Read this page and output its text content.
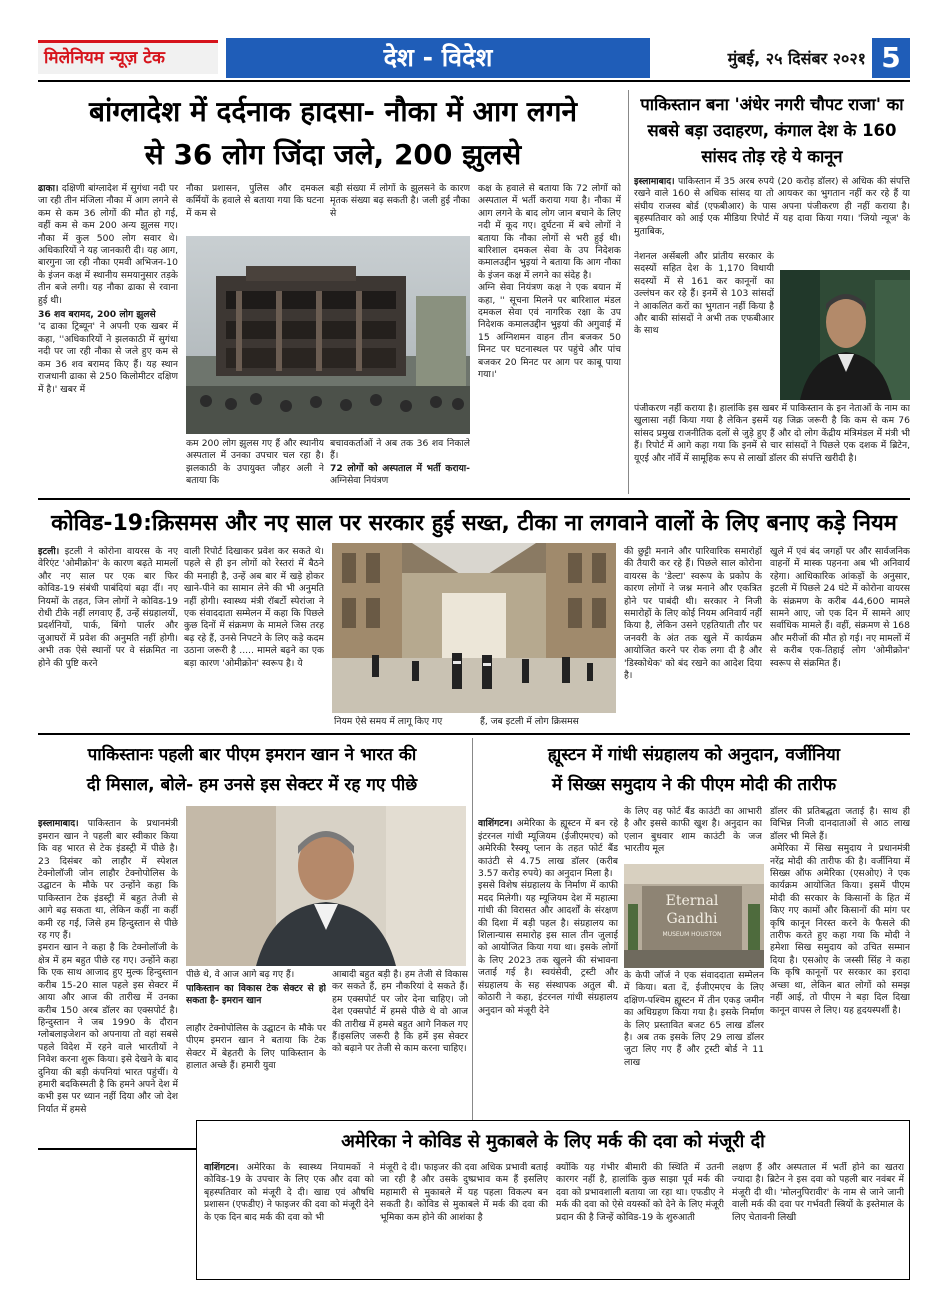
मिलेनियम न्यूज़ टेक	देश - विदेश	मुंबई, २५ दिसंबर २०२१ 5
बांग्लादेश में दर्दनाक हादसा- नौका में आग लगने
से 36 लोग जिंदा जले, 200 झुलसे
ढाका। दक्षिणी बांग्लादेश में सुगंधा नदी पर जा रही तीन मंजिला नौका में आग लगने से कम से कम 36 लोगों की मौत हो गई, वहीं कम से कम 200 अन्य झुलस गए। नौका में कुल 500 लोग सवार थे। अधिकारियों ने यह जानकारी दी। यह आग, बारगुना जा रही नौका एमवी अभिजन-10 के इंजन कक्ष में स्थानीय समयानुसार तड़के तीन बजे लगी। यह नौका ढाका से रवाना हुई थी।
36 शव बरामद, 200 लोग झुलसे
'द ढाका ट्रिब्यून' ने अपनी एक खबर में कहा, ''अधिकारियों ने झलकाठी में सुगंधा नदी पर जा रही नौका से जले हुए कम से कम 36 शव बरामद किए हैं। यह स्थान राजधानी ढाका से 250 किलोमीटर दक्षिण में है।' खबर में
नौका प्रशासन, पुलिस और दमकल कर्मियों के हवाले से बताया गया कि घटना में कम से
बड़ी संख्या में लोगों के झुलसने के कारण मृतक संख्या बढ़ सकती है। जली हुई नौका से
कम 200 लोग झुलस गए हैं और स्थानीय अस्पताल में उनका उपचार चल रहा है। झलकाठी के उपायुक्त जौहर अली ने बताया कि
बचावकर्ताओं ने अब तक 36 शव निकाले हैं।
72 लोगों को अस्पताल में भर्ती कराया-अग्निसेवा नियंत्रण
कक्ष के हवाले से बताया कि 72 लोगों को अस्पताल में भर्ती कराया गया है। नौका में आग लगने के बाद लोग जान बचाने के लिए नदी में कूद गए। दुर्घटना में बचे लोगों ने बताया कि नौका लोगों से भरी हुई थी। बारिशाल दमकल सेवा के उप निदेशक कमालउद्दीन भुइयां ने बताया कि आग नौका के इंजन कक्ष में लगने का संदेह है।
अग्नि सेवा नियंत्रण कक्ष ने एक बयान में कहा, '' सूचना मिलने पर बारिशाल मंडल दमकल सेवा एवं नागरिक रक्षा के उप निदेशक कमालउद्दीन भुइयां की अगुवाई में 15 अग्निशमन वाहन तीन बजकर 50 मिनट पर घटनास्थल पर पहुंचे और पांच बजकर 20 मिनट पर आग पर काबू पाया गया।'
पाकिस्तान बना 'अंधेर नगरी चौपट राजा' का सबसे बड़ा उदाहरण, कंगाल देश के 160 सांसद तोड़ रहे ये कानून
इस्लामाबाद। पाकिस्तान में 35 अरब रुपये (20 करोड़ डॉलर) से अधिक की संपत्ति रखने वाले 160 से अधिक सांसद या तो आयकर का भुगतान नहीं कर रहे हैं या संघीय राजस्व बोर्ड (एफबीआर) के पास अपना पंजीकरण ही नहीं कराया है। बृहस्पतिवार को आई एक मीडिया रिपोर्ट में यह दावा किया गया। 'जियो न्यूज' के मुताबिक,
नेशनल असेंबली और प्रांतीय सरकार के सदस्यों सहित देश के 1,170 विधायी सदस्यों में से 161 कर कानूनों का उल्लंघन कर रहे हैं। इनमें से 103 सांसदों ने आकलित करों का भुगतान नहीं किया है और बाकी सांसदों ने अभी तक एफबीआर के साथ
पंजीकरण नहीं कराया है। हालांकि इस खबर में पाकिस्तान के इन नेताओं के नाम का खुलासा नहीं किया गया है लेकिन इसमें यह जिक्र जरूरी है कि कम से कम 76 सांसद प्रमुख राजनीतिक दलों से जुड़े हुए हैं और दो लोग केंद्रीय मंत्रिमंडल में मंत्री भी हैं। रिपोर्ट में आगे कहा गया कि इनमें से चार सांसदों ने पिछले एक दशक में ब्रिटेन, यूएई और नॉर्वे में सामूहिक रूप से लाखों डॉलर की संपत्ति खरीदी है।
कोविड-19:क्रिसमस और नए साल पर सरकार हुई सख्त, टीका ना लगवाने वालों के लिए बनाए कड़े नियम
इटली। इटली ने कोरोना वायरस के नए वेरिएंट 'ओमीक्रोन' के कारण बढ़ते मामलों और नए साल पर एक बार फिर कोविड-19 संबंधी पाबंदियां बढ़ा दीं। नए नियमों के तहत, जिन लोगों ने कोविड-19 रोधी टीके नहीं लगवाए हैं, उन्हें संग्रहालयों, प्रदर्शनियों, पार्क, बिंगो पार्लर और जुआघरों में प्रवेश की अनुमति नहीं होगी। अभी तक ऐसे स्थानों पर वे संक्रमित ना होने की पुष्टि करने
वाली रिपोर्ट दिखाकर प्रवेश कर सकते थे। पहले से ही इन लोगों को रेस्तरां में बैठने की मनाही है, उन्हें अब बार में खड़े होकर खाने-पीने का सामान लेने की भी अनुमति नहीं होगी। स्वास्थ्य मंत्री रॉबर्टो स्पेरांजा ने एक संवाददाता सम्मेलन में कहा कि पिछले कुछ दिनों में संक्रमण के मामले जिस तरह बढ़ रहे हैं, उनसे निपटने के लिए कड़े कदम उठाना जरूरी है ..... मामले बढ़ने का एक बड़ा कारण 'ओमीक्रोन' स्वरूप है। ये
नियम ऐसे समय में लागू किए गए	हैं, जब इटली में लोग क्रिसमस
की छुट्टी मनाने और पारिवारिक समारोहों की तैयारी कर रहे हैं। पिछले साल कोरोना वायरस के 'डेल्टा' स्वरूप के प्रकोप के कारण लोगों ने जश्न मनाने और एकत्रित होने पर पाबंदी थी। सरकार ने निजी समारोहों के लिए कोई नियम अनिवार्य नहीं किया है, लेकिन उसने एहतियाती तौर पर जनवरी के अंत तक खुले में कार्यक्रम आयोजित करने पर रोक लगा दी है और 'डिस्कोथेक' को बंद रखने का आदेश दिया है।
खुले में एवं बंद जगहों पर और सार्वजनिक वाहनों में मास्क पहनना अब भी अनिवार्य रहेगा। आधिकारिक आंकड़ों के अनुसार, इटली में पिछले 24 घंटे में कोरोना वायरस के संक्रमण के करीब 44,600 मामले सामने आए, जो एक दिन में सामने आए सर्वाधिक मामले हैं। वहीं, संक्रमण से 168 और मरीजों की मौत हो गई। नए मामलों में से करीब एक-तिहाई लोग 'ओमीक्रोन' स्वरूप से संक्रमित हैं।
पाकिस्तानः पहली बार पीएम इमरान खान ने भारत की
दी मिसाल, बोले- हम उनसे इस सेक्टर में रह गए पीछे

इस्लामाबाद। पाकिस्तान के प्रधानमंत्री इमरान खान ने पहली बार स्वीकार किया कि वह भारत से टेक इंडस्ट्री में पीछे है। 23 दिसंबर को लाहौर में स्पेशल टेक्नोलॉजी जोन लाहौर टेक्नोपोलिस के उद्घाटन के मौके पर उन्होंने कहा कि पाकिस्तान टेक इंडस्ट्री में बहुत तेजी से आगे बढ़ सकता था, लेकिन कहीं ना कहीं कमी रह गई, जिसे हम हिन्दुस्तान से पीछे रह गए हैं।
इमरान खान ने कहा है कि टेक्नोलॉजी के क्षेत्र में हम बहुत पीछे रह गए। उन्होंने कहा कि एक साथ आजाद हुए मुल्क हिन्दुस्तान करीब 15-20 साल पहले इस सेक्टर में आया और आज की तारीख में उनका करीब 150 अरब डॉलर का एक्सपोर्ट है। हिन्दुस्तान ने जब 1990 के दौरान ग्लोबलाइजेशन को अपनाया तो वहां सबसे पहले विदेश में रहने वाले भारतीयों ने निवेश करना शुरू किया। इसे देखने के बाद दुनिया की बड़ी कंपनियां भारत पहुंचीं। ये हमारी बदकिस्मती है कि हमने अपने देश में कभी इस पर ध्यान नहीं दिया और जो देश निर्यात में हमसे

पीछे थे, वे आज आगे बढ़ गए हैं।
पाकिस्तान का विकास टेक सेक्टर से हो सकता है- इमरान खान
लाहौर टेक्नोपोलिस के उद्घाटन के मौके पर पीएम इमरान खान ने बताया कि टेक सेक्टर में बेहतरी के लिए पाकिस्तान के हालात अच्छे हैं। हमारी युवा
आबादी बहुत बड़ी है। हम तेजी से विकास कर सकते हैं, हम नौकरियां दे सकते हैं। हम एक्सपोर्ट पर जोर देना चाहिए। जो देश एक्सपोर्ट में हमसे पीछे थे वो आज की तारीख में हमसे बहुत आगे निकल गए हैं।इसलिए जरूरी है कि हमें इस सेक्टर को बढ़ाने पर तेजी से काम करना चाहिए।
ह्यूस्टन में गांधी संग्रहालय को अनुदान, वर्जीनिया
में सिख्स समुदाय ने की पीएम मोदी की तारीफ

वाशिंगटन। अमेरिका के ह्यूस्टन में बन रहे इंटरनल गांधी म्यूजियम (ईजीएमएच) को अमेरिकी रैस्क्यू प्लान के तहत फोर्ट बैंड काउंटी से 4.75 लाख डॉलर (करीब 3.57 करोड़ रुपये) का अनुदान मिला है।
इससे विशेष संग्रहालय के निर्माण में काफी मदद मिलेगी। यह म्यूजियम देश में महात्मा गांधी की विरासत और आदर्शों के संरक्षण की दिशा में बड़ी पहल है। संग्रहालय का शिलान्यास समारोह इस साल तीन जुलाई को आयोजित किया गया था। इसके लोगों के लिए 2023 तक खुलने की संभावना जताई गई है। स्वयंसेवी, ट्रस्टी और संग्रहालय के सह संस्थापक अतुल बी. कोठारी ने कहा, इंटरनल गांधी संग्रहालय अनुदान को मंजूरी देने

के लिए वह फोर्ट बैंड काउंटी का आभारी है और इससे काफी खुश है। अनुदान का एलान बुधवार शाम काउंटी के जज भारतीय मूल
Eternal
Gandhi
MUSEUM HOUSTON
के केपी जॉर्ज ने एक संवाददाता सम्मेलन में किया। बता दें, ईजीएमएच के लिए दक्षिण-पश्चिम ह्यूस्टन में तीन एकड़ जमीन का अधिग्रहण किया गया है। इसके निर्माण के लिए प्रस्तावित बजट 65 लाख डॉलर है। अब तक इसके लिए 29 लाख डॉलर जुटा लिए गए हैं और ट्रस्टी बोर्ड ने 11 लाख
डॉलर की प्रतिबद्धता जताई है। साथ ही विभिन्न निजी दानदाताओं से आठ लाख डॉलर भी मिले हैं।
अमेरिका में सिख समुदाय ने प्रधानमंत्री नरेंद्र मोदी की तारीफ की है। वर्जीनिया में सिख्स ऑफ अमेरिका (एसओए) ने एक कार्यक्रम आयोजित किया। इसमें पीएम मोदी की सरकार के किसानों के हित में किए गए कामों और किसानों की मांग पर कृषि कानून निरस्त करने के फैसले की तारीफ करते हुए कहा गया कि मोदी ने हमेशा सिख समुदाय को उचित सम्मान दिया है। एसओए के जस्सी सिंह ने कहा कि कृषि कानूनों पर सरकार का इरादा अच्छा था, लेकिन बात लोगों को समझ नहीं आई, तो पीएम ने बड़ा दिल दिखा कानून वापस ले लिए। यह हृदयस्पर्शी है।
अमेरिका ने कोविड से मुकाबले के लिए मर्क की दवा को मंजूरी दी
वाशिंगटन। अमेरिका के स्वास्थ्य नियामकों ने कोविड-19 के उपचार के लिए एक और दवा को बृहस्पतिवार को मंजूरी दे दी। खाद्य एवं औषधि प्रशासन (एफडीए) ने फाइजर की दवा को मंजूरी देने के एक दिन बाद मर्क की दवा को भी
मंजूरी दे दी। फाइजर की दवा अधिक प्रभावी बताई जा रही है और उसके दुष्प्रभाव कम हैं इसलिए महामारी से मुकाबले में यह पहला विकल्प बन सकती है। कोविड से मुकाबले में मर्क की दवा की भूमिका कम होने की आशंका है
क्योंकि यह गंभीर बीमारी की स्थिति में उतनी कारगर नहीं है, हालांकि कुछ साझा पूर्व मर्क की दवा को प्रभावशाली बताया जा रहा था। एफडीए ने मर्क की दवा को ऐसे वयस्कों को देने के लिए मंजूरी प्रदान की है जिन्हें कोविड-19 के शुरुआती
लक्षण हैं और अस्पताल में भर्ती होने का खतरा ज्यादा है। ब्रिटेन ने इस दवा को पहली बार नवंबर में मंजूरी दी थी। 'मोलनुपिरावीर' के नाम से जाने जानी वाली मर्क की दवा पर गर्भवती स्त्रियों के इस्तेमाल के लिए चेतावनी लिखी
